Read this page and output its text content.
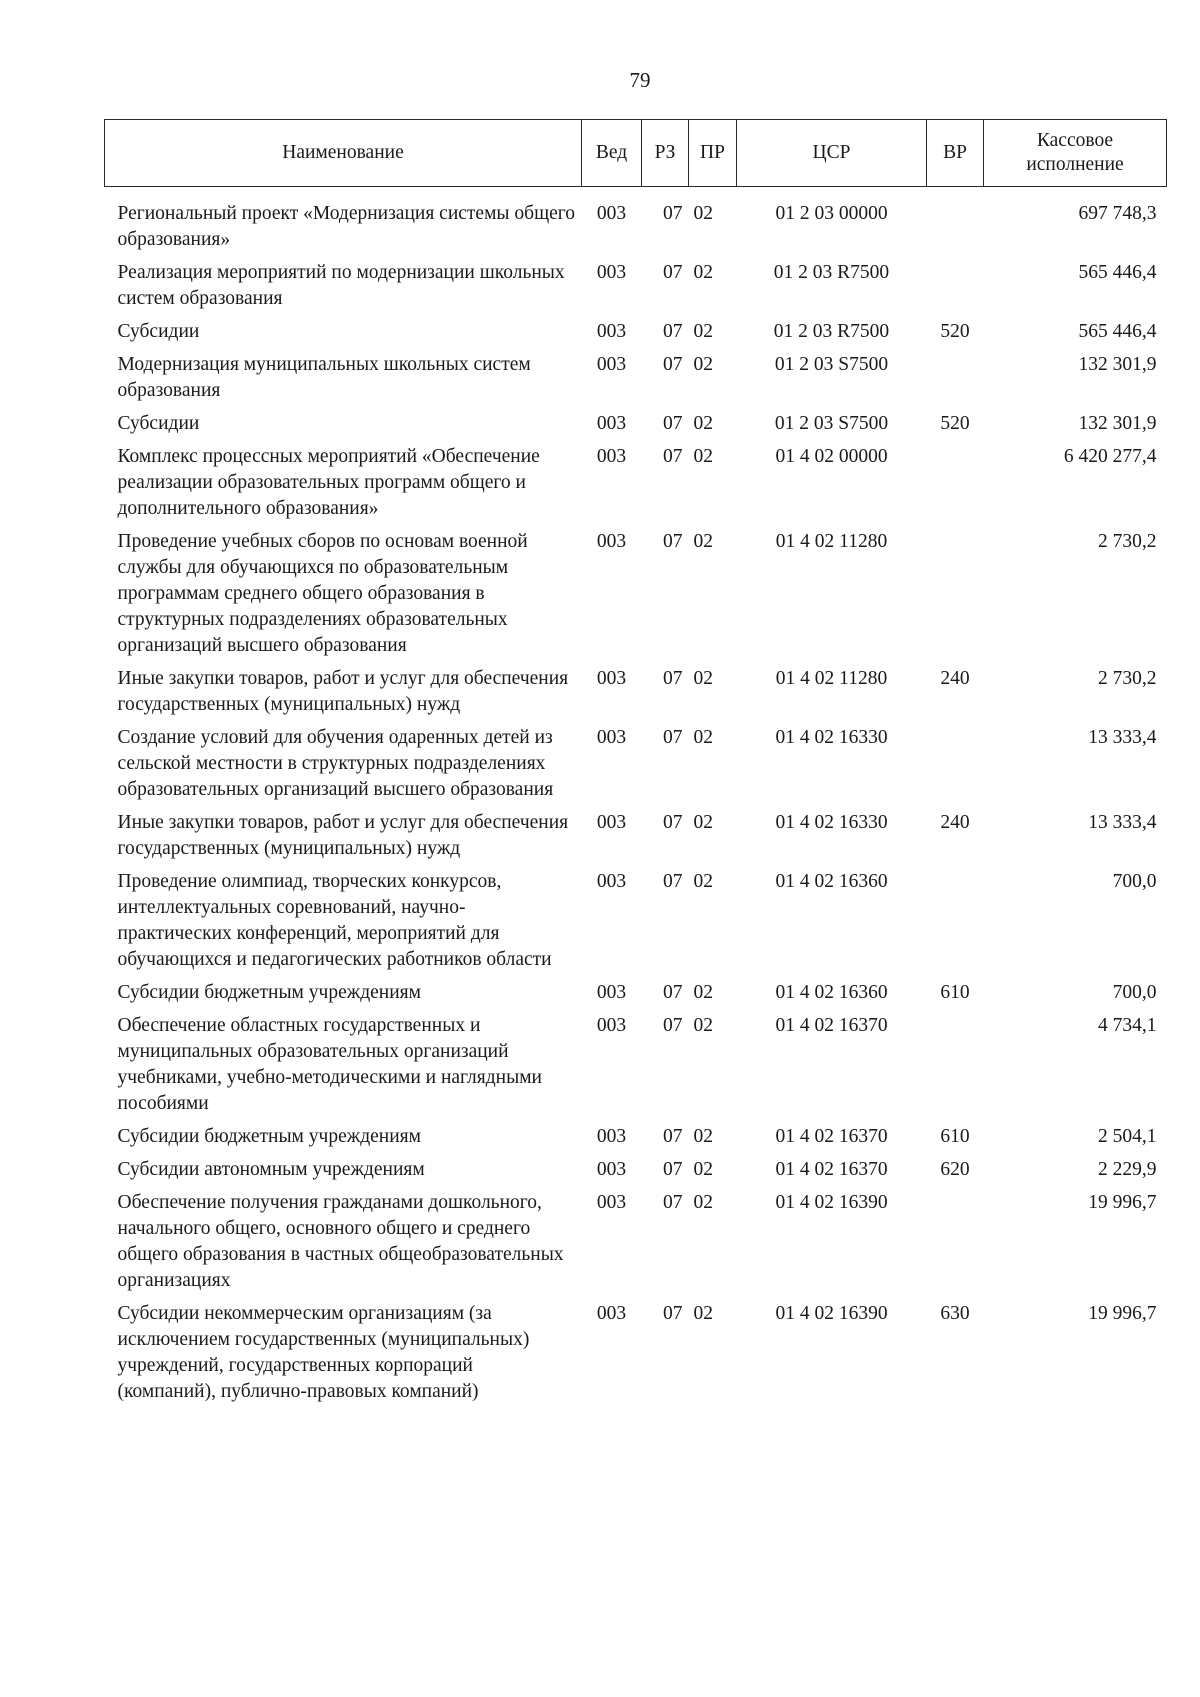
79
Наименование	Вед	РЗ	ПР	ЦСР	ВР	Кассовое исполнение
Региональный проект «Модернизация системы общего образования»	003	07	02	01 2 03 00000		697 748,3
Реализация мероприятий по модернизации школьных систем образования	003	07	02	01 2 03 R7500		565 446,4
Субсидии	003	07	02	01 2 03 R7500	520	565 446,4
Модернизация муниципальных школьных систем образования	003	07	02	01 2 03 S7500		132 301,9
Субсидии	003	07	02	01 2 03 S7500	520	132 301,9
Комплекс процессных мероприятий «Обеспечение реализации образовательных программ общего и дополнительного образования»	003	07	02	01 4 02 00000		6 420 277,4
Проведение учебных сборов по основам военной службы для обучающихся по образовательным программам среднего общего образования в структурных подразделениях образовательных организаций высшего образования	003	07	02	01 4 02 11280		2 730,2
Иные закупки товаров, работ и услуг для обеспечения государственных (муниципальных) нужд	003	07	02	01 4 02 11280	240	2 730,2
Создание условий для обучения одаренных детей из сельской местности в структурных подразделениях образовательных организаций высшего образования	003	07	02	01 4 02 16330		13 333,4
Иные закупки товаров, работ и услуг для обеспечения государственных (муниципальных) нужд	003	07	02	01 4 02 16330	240	13 333,4
Проведение олимпиад, творческих конкурсов, интеллектуальных соревнований, научно-практических конференций, мероприятий для обучающихся и педагогических работников области	003	07	02	01 4 02 16360		700,0
Субсидии бюджетным учреждениям	003	07	02	01 4 02 16360	610	700,0
Обеспечение областных государственных и муниципальных образовательных организаций учебниками, учебно-методическими и наглядными пособиями	003	07	02	01 4 02 16370		4 734,1
Субсидии бюджетным учреждениям	003	07	02	01 4 02 16370	610	2 504,1
Субсидии автономным учреждениям	003	07	02	01 4 02 16370	620	2 229,9
Обеспечение получения гражданами дошкольного, начального общего, основного общего и среднего общего образования в частных общеобразовательных организациях	003	07	02	01 4 02 16390		19 996,7
Субсидии некоммерческим организациям (за исключением государственных (муниципальных) учреждений, государственных корпораций (компаний), публично-правовых компаний)	003	07	02	01 4 02 16390	630	19 996,7
